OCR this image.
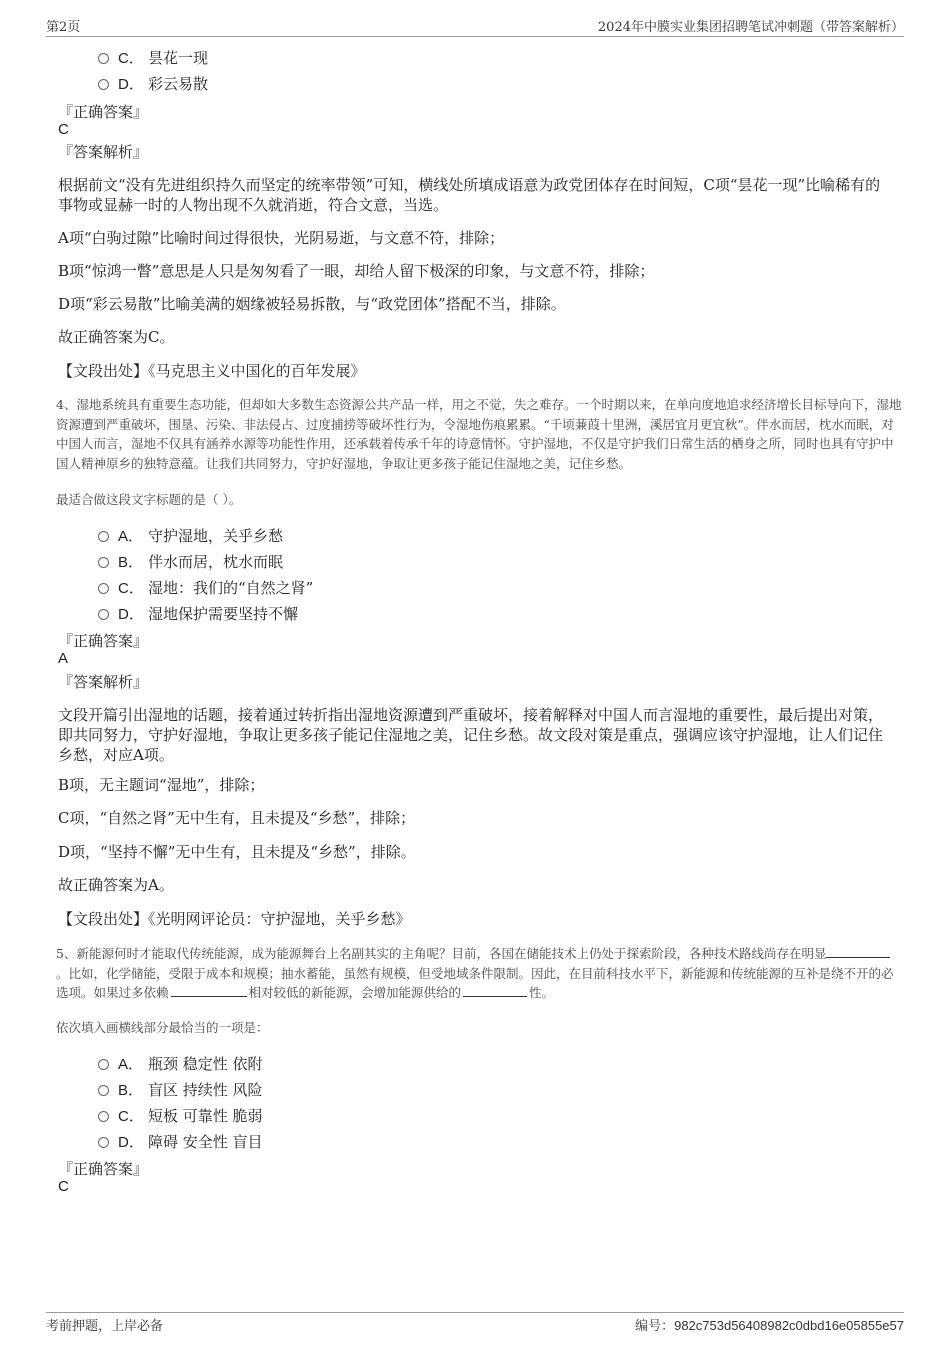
第2页	2024年中膜实业集团招聘笔试冲刺题（带答案解析）
C． 昙花一现
D． 彩云易散
『正确答案』
C
『答案解析』
根据前文“没有先进组织持久而坚定的统率带领”可知，横线处所填成语意为政党团体存在时间短，C项“昙花一现”比喻稀有的事物或显赫一时的人物出现不久就消逝，符合文意，当选。
A项“白驹过隙”比喻时间过得很快，光阴易逝，与文意不符，排除；
B项“惊鸿一瞥”意思是人只是匆匆看了一眼，却给人留下极深的印象，与文意不符，排除；
D项“彩云易散”比喻美满的姻缘被轻易拆散，与“政党团体”搭配不当，排除。
故正确答案为C。
【文段出处】《马克思主义中国化的百年发展》
4、湿地系统具有重要生态功能，但却如大多数生态资源公共产品一样，用之不觉，失之难存。一个时期以来，在单向度地追求经济增长目标导向下，湿地资源遭到严重破坏，围垦、污染、非法侵占、过度捕捞等破坏性行为，令湿地伤痕累累。“千顷蒹葭十里洲，溪居宜月更宜秋”。伴水而居，枕水而眠，对中国人而言，湿地不仅具有涵养水源等功能性作用，还承载着传承千年的诗意情怀。守护湿地，不仅是守护我们日常生活的栖身之所，同时也具有守护中国人精神原乡的独特意蕴。让我们共同努力，守护好湿地，争取让更多孩子能记住湿地之美，记住乡愁。
最适合做这段文字标题的是（ ）。
A． 守护湿地，关乎乡愁
B． 伴水而居，枕水而眠
C． 湿地：我们的“自然之肾”
D． 湿地保护需要坚持不懈
『正确答案』
A
『答案解析』
文段开篇引出湿地的话题，接着通过转折指出湿地资源遭到严重破坏，接着解释对中国人而言湿地的重要性，最后提出对策，即共同努力，守护好湿地，争取让更多孩子能记住湿地之美，记住乡愁。故文段对策是重点，强调应该守护湿地，让人们记住乡愁，对应A项。
B项，无主题词“湿地”，排除；
C项，“自然之肾”无中生有，且未提及“乡愁”，排除；
D项，“坚持不懈”无中生有，且未提及“乡愁”，排除。
故正确答案为A。
【文段出处】《光明网评论员：守护湿地，关乎乡愁》
5、新能源何时才能取代传统能源，成为能源舞台上名副其实的主角呢？目前，各国在储能技术上仍处于探索阶段，各种技术路线尚存在明显。比如，化学储能，受限于成本和规模；抽水蓄能，虽然有规模，但受地域条件限制。因此，在目前科技水平下，新能源和传统能源的互补是绕不开的必选项。如果过多依赖	相对较低的新能源，会增加能源供给的	性。
依次填入画横线部分最恰当的一项是：
A． 瓶颈 稳定性 依附
B． 盲区 持续性 风险
C． 短板 可靠性 脆弱
D． 障碍 安全性 盲目
『正确答案』
C
考前押题，上岸必备	编号：982c753d56408982c0dbd16e05855e57
